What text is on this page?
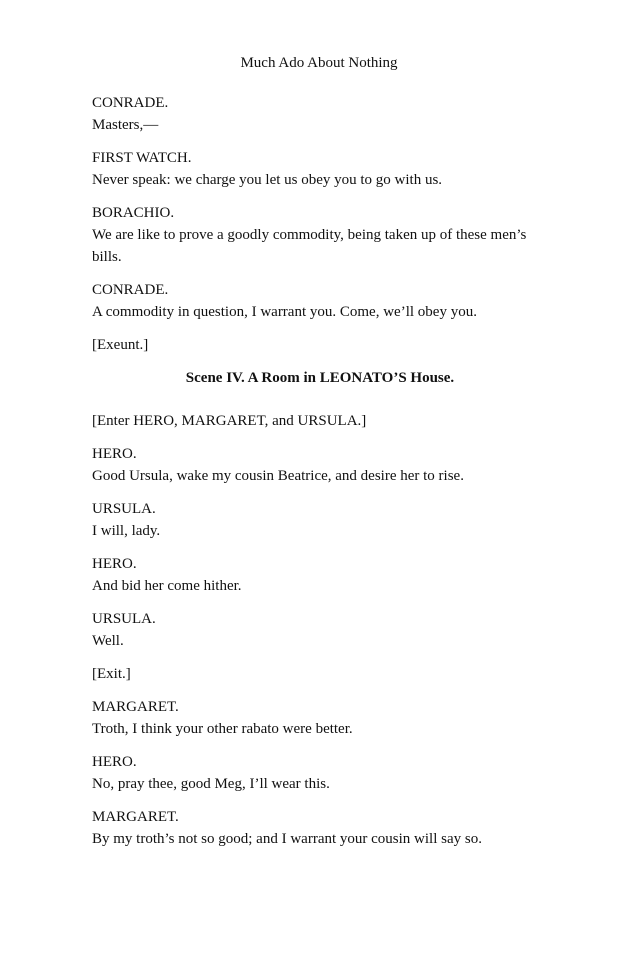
Much Ado About Nothing

CONRADE.

Masters,—

FIRST WATCH.

Never speak: we charge you let us obey you to go with us.

BORACHIO.

We are like to prove a goodly commodity, being taken up of these men’s bills.

CONRADE.

A commodity in question, I warrant you. Come, we’ll obey you.

[Exeunt.]

Scene IV. A Room in LEONATO’S House.

[Enter HERO, MARGARET, and URSULA.]

HERO.

Good Ursula, wake my cousin Beatrice, and desire her to rise.

URSULA.

I will, lady.

HERO.

And bid her come hither.

URSULA.

Well.

[Exit.]

MARGARET.

Troth, I think your other rabato were better.

HERO.

No, pray thee, good Meg, I’ll wear this.

MARGARET.

By my troth’s not so good; and I warrant your cousin will say so.
